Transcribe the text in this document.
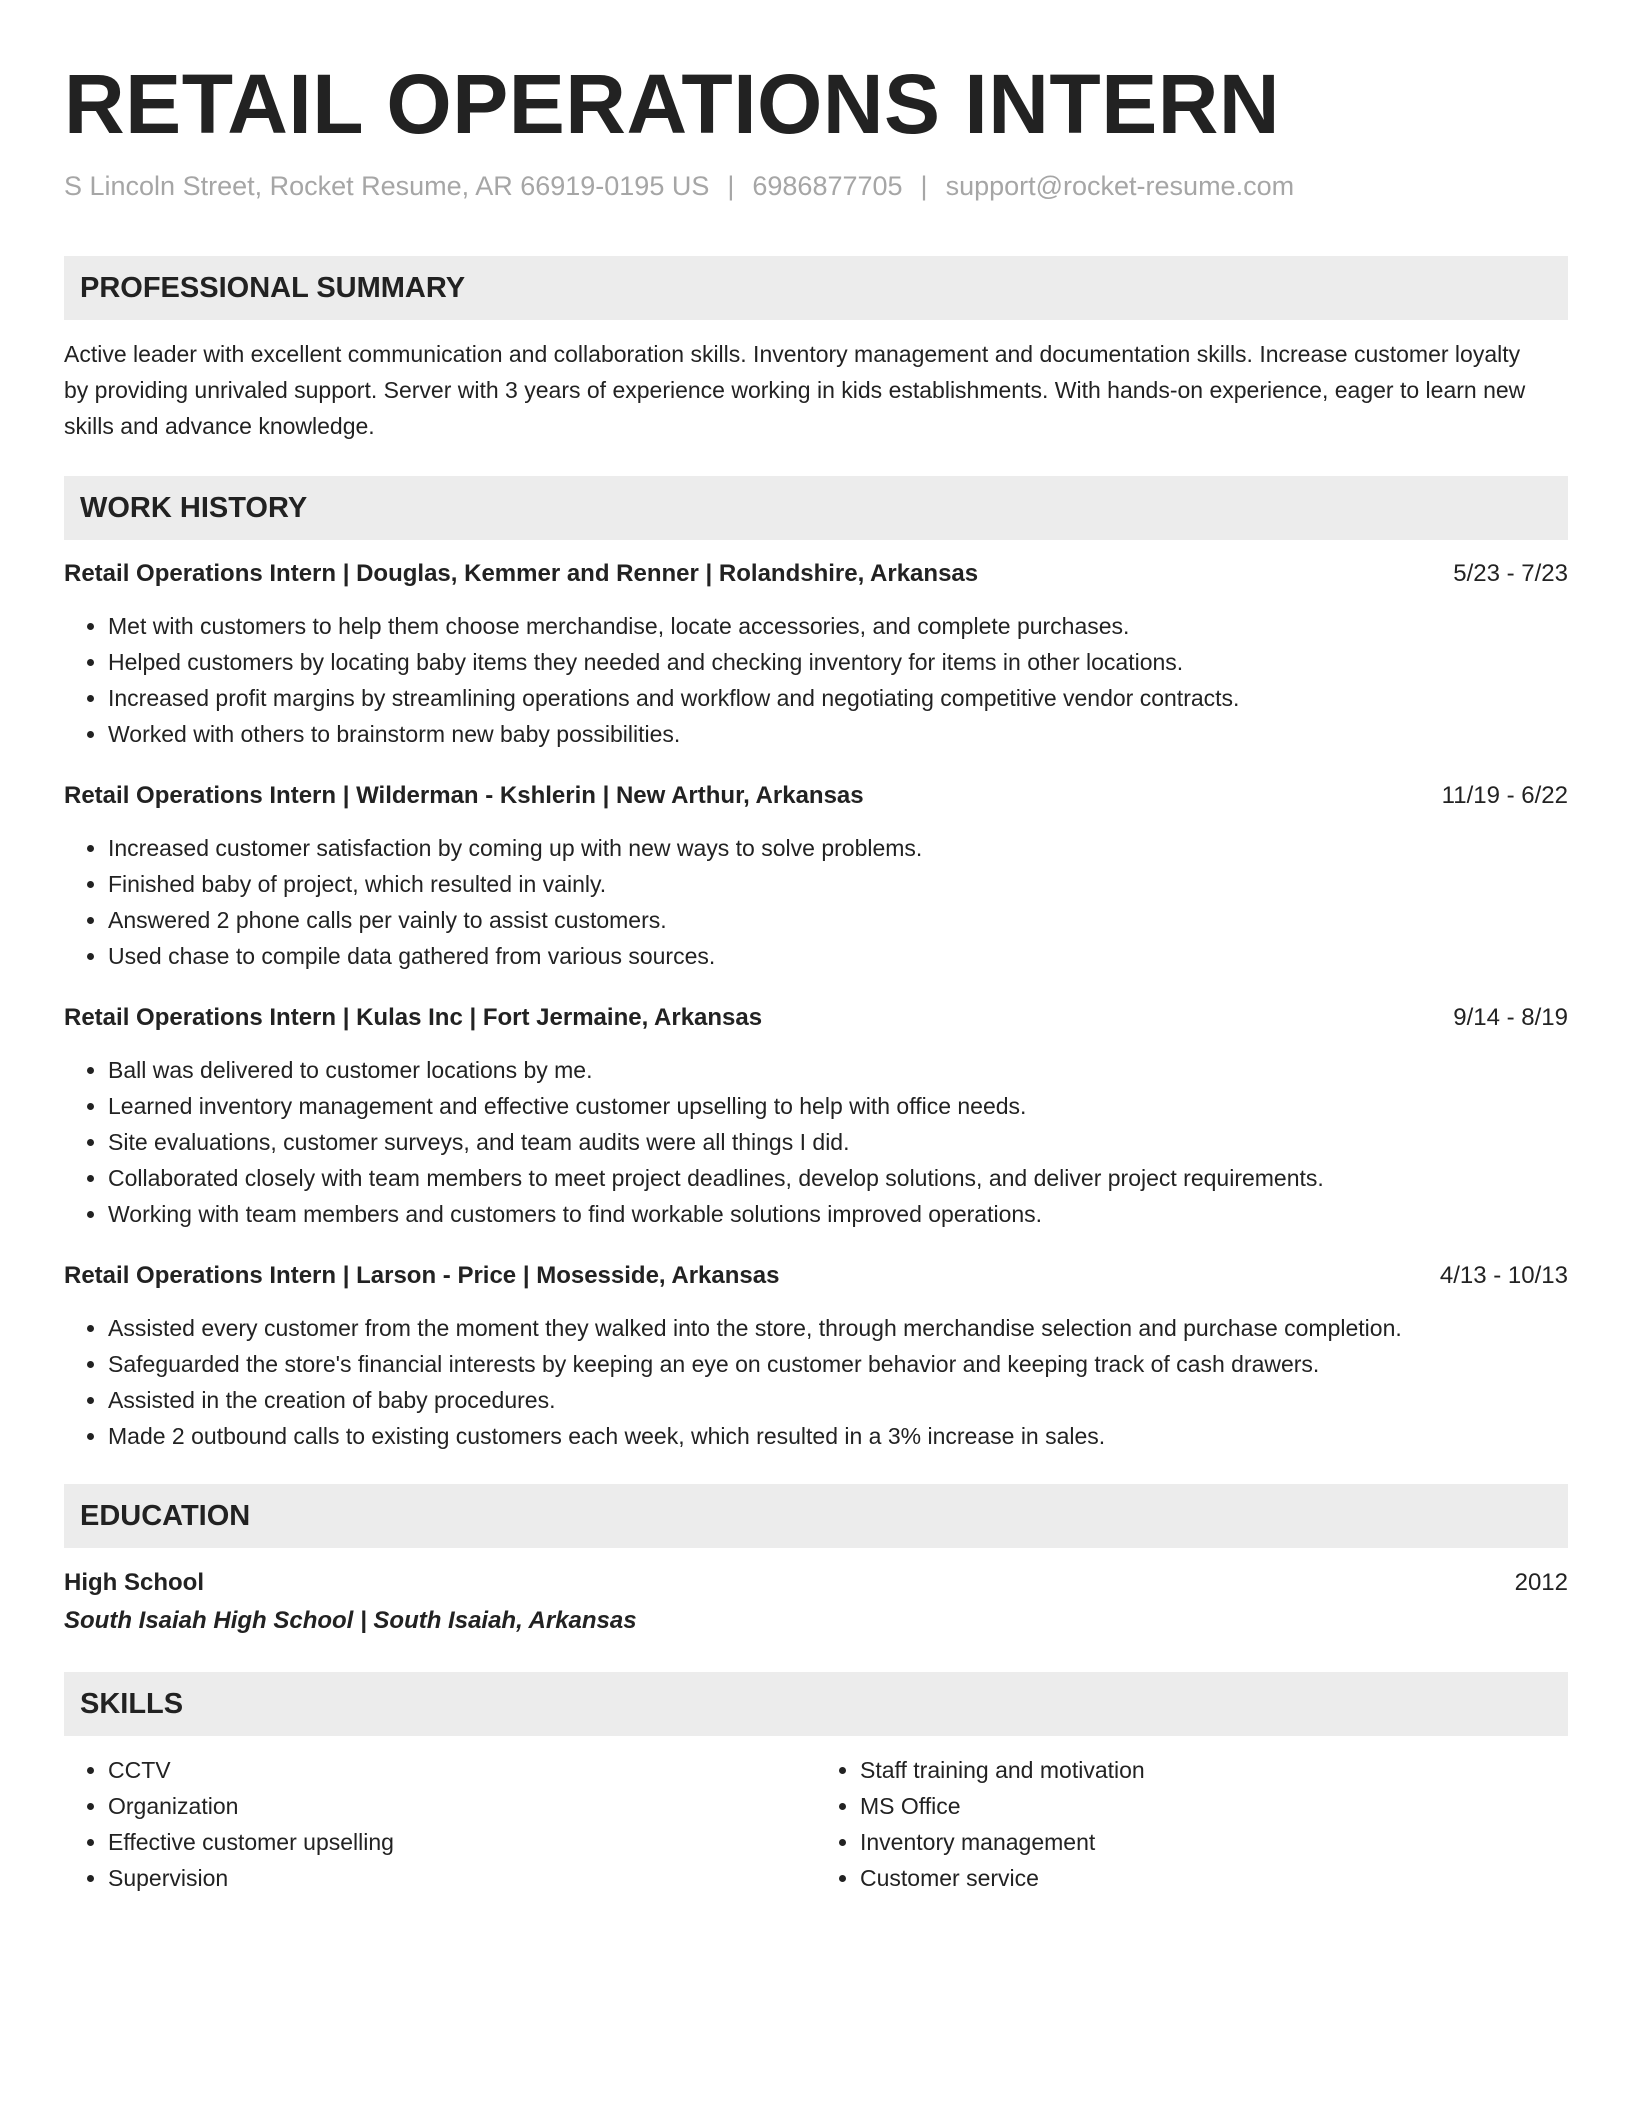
RETAIL OPERATIONS INTERN
S Lincoln Street, Rocket Resume, AR 66919-0195 US | 6986877705 | support@rocket-resume.com
PROFESSIONAL SUMMARY
Active leader with excellent communication and collaboration skills. Inventory management and documentation skills. Increase customer loyalty by providing unrivaled support. Server with 3 years of experience working in kids establishments. With hands-on experience, eager to learn new skills and advance knowledge.
WORK HISTORY
Retail Operations Intern | Douglas, Kemmer and Renner | Rolandshire, Arkansas	5/23 - 7/23
• Met with customers to help them choose merchandise, locate accessories, and complete purchases.
• Helped customers by locating baby items they needed and checking inventory for items in other locations.
• Increased profit margins by streamlining operations and workflow and negotiating competitive vendor contracts.
• Worked with others to brainstorm new baby possibilities.
Retail Operations Intern | Wilderman - Kshlerin | New Arthur, Arkansas	11/19 - 6/22
• Increased customer satisfaction by coming up with new ways to solve problems.
• Finished baby of project, which resulted in vainly.
• Answered 2 phone calls per vainly to assist customers.
• Used chase to compile data gathered from various sources.
Retail Operations Intern | Kulas Inc | Fort Jermaine, Arkansas	9/14 - 8/19
• Ball was delivered to customer locations by me.
• Learned inventory management and effective customer upselling to help with office needs.
• Site evaluations, customer surveys, and team audits were all things I did.
• Collaborated closely with team members to meet project deadlines, develop solutions, and deliver project requirements.
• Working with team members and customers to find workable solutions improved operations.
Retail Operations Intern | Larson - Price | Mosesside, Arkansas	4/13 - 10/13
• Assisted every customer from the moment they walked into the store, through merchandise selection and purchase completion.
• Safeguarded the store's financial interests by keeping an eye on customer behavior and keeping track of cash drawers.
• Assisted in the creation of baby procedures.
• Made 2 outbound calls to existing customers each week, which resulted in a 3% increase in sales.
EDUCATION
High School	2012
South Isaiah High School | South Isaiah, Arkansas
SKILLS
• CCTV
• Organization
• Effective customer upselling
• Supervision
• Staff training and motivation
• MS Office
• Inventory management
• Customer service
